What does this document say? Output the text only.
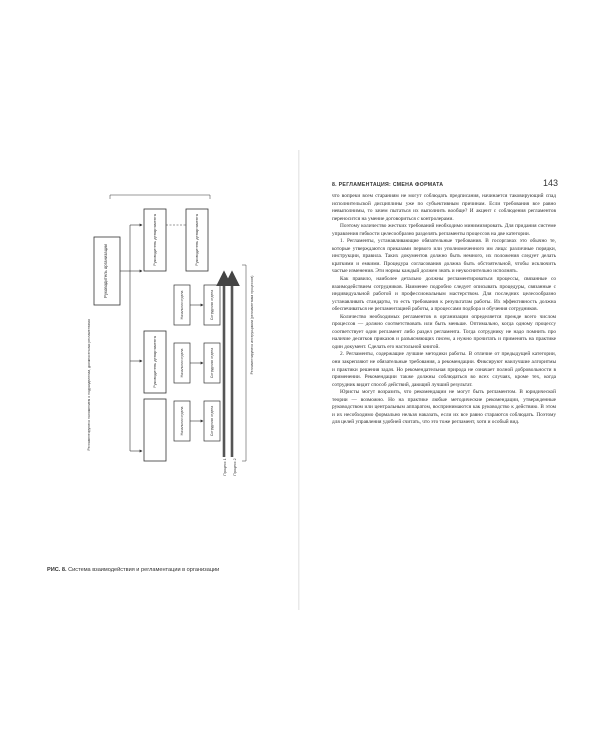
Руководитель организации
Руководитель департамента	Руководитель департамента
Руководитель департамента
Начальник отдела
Начальник отдела
Начальник отдела
Сотрудники отдела
Сотрудники отдела
Сотрудники отдела
Процесс 1 Процесс 2
Регламентируются инструкциями (регламентами процессов)
Регламентируются положением о подразделении, должностными регламентами
РИС. 8. Система взаимодействия и регламентации в организации
8. РЕГЛАМЕНТАЦИЯ: СМЕНА ФОРМАТА	143

что вопреки всем стараниям не могут соблюдать предписания, начинается таковирующий спад исполнительской дисциплины уже по субъективным причинам. Если требования все равно невыполнимы, то зачем пытаться их выполнить вообще? И акцент с соблюдения регламентов переносится на умение договориться с контролерами.

Поэтому количество жестких требований необходимо минимизировать. Для придания системе управления гибкости целесообразно разделять регламенты процессов на две категории.

1. Регламенты, устанавливающие обязательные требования. В госорганах это обычно те, которые утверждаются приказами первого или уполномоченного им лица: различные порядки, инструкции, правила. Таких документов должно быть немного, их положения следует делать краткими и емкими. Процедура согласования должна быть обстоятельной, чтобы исключить частые изменения. Эти нормы каждый должен знать и неукоснительно исполнять.

Как правило, наиболее детально должны регламентироваться процессы, связанные со взаимодействием сотрудников. Наименее подробно следует описывать процедуры, связанные с индивидуальной работой и профессиональным мастерством. Для последних целесообразно устанавливать стандарты, то есть требования к результатам работы. Их эффективность должна обеспечиваться не регламентацией работы, а процессами подбора и обучения сотрудников.

Количество необходимых регламентов в организации определяется прежде всего числом процессов — должно соответствовать или быть меньше. Оптимально, когда одному процессу соответствует один регламент либо раздел регламента. Тогда сотруднику не надо помнить про наличие десятков приказов и разъясняющих писем, а нужно прочитать и применять на практике один документ. Сделать его настольной книгой.

2. Регламенты, содержащие лучшие методики работы. В отличие от предыдущей категории, они закрепляют не обязательные требования, а рекомендации. Фиксируют наилучшие алгоритмы и практики решения задач. Но рекомендательная природа не означает полной добровольности в применении. Рекомендации также должны соблюдаться во всех случаях, кроме тех, когда сотрудник видит способ действий, дающий лучший результат.

Юристы могут возразить, что рекомендации не могут быть регламентом. В юридической теории — возможно. Но на практике любые методические рекомендации, утвержденные руководством или центральным аппаратом, воспринимаются как руководство к действию. В этом и их несобходимо формально нельзя наказать, если их все равно стараются соблюдать. Поэтому для целей управления удобней считать, что это тоже регламент, хотя и особый вид.
